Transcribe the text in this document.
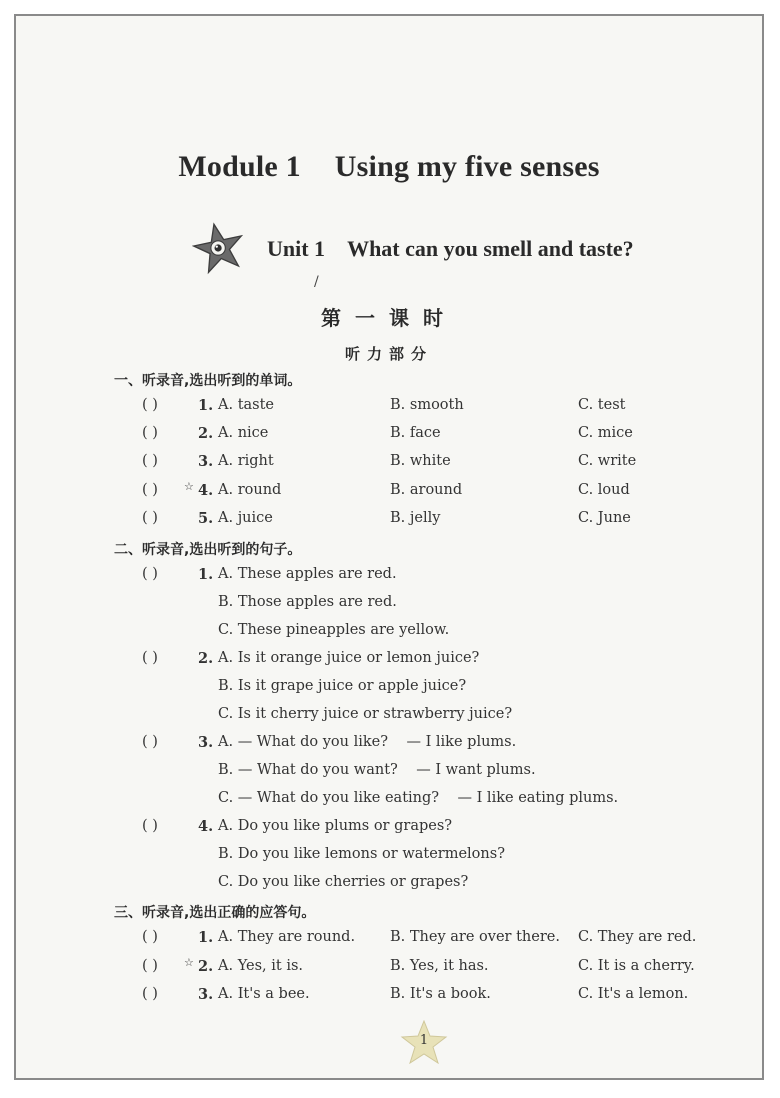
Module 1 Using my five senses
Unit 1 What can you smell and taste?
/
第一课时
听力部分
一、听录音,选出听到的单词。
( )	1. A. taste	B. smooth	C. test
( )	2. A. nice	B. face	C. mice
( )	3. A. right	B. white	C. write
( ) ☆ 4. A. round	B. around	C. loud
( )	5. A. juice	B. jelly	C. June
二、听录音,选出听到的句子。
( )	1. A. These apples are red.
B. Those apples are red.
C. These pineapples are yellow.
( )	2. A. Is it orange juice or lemon juice?
B. Is it grape juice or apple juice?
C. Is it cherry juice or strawberry juice?
( )	3. A. — What do you like?    — I like plums.
B. — What do you want?    — I want plums.
C. — What do you like eating?    — I like eating plums.
( )	4. A. Do you like plums or grapes?
B. Do you like lemons or watermelons?
C. Do you like cherries or grapes?
三、听录音,选出正确的应答句。
( )	1. A. They are round. B. They are over there. C. They are red.
( ) ☆ 2. A. Yes, it is.	B. Yes, it has.	C. It is a cherry.
( )	3. A. It's a bee.	B. It's a book.	C. It's a lemon.
1
